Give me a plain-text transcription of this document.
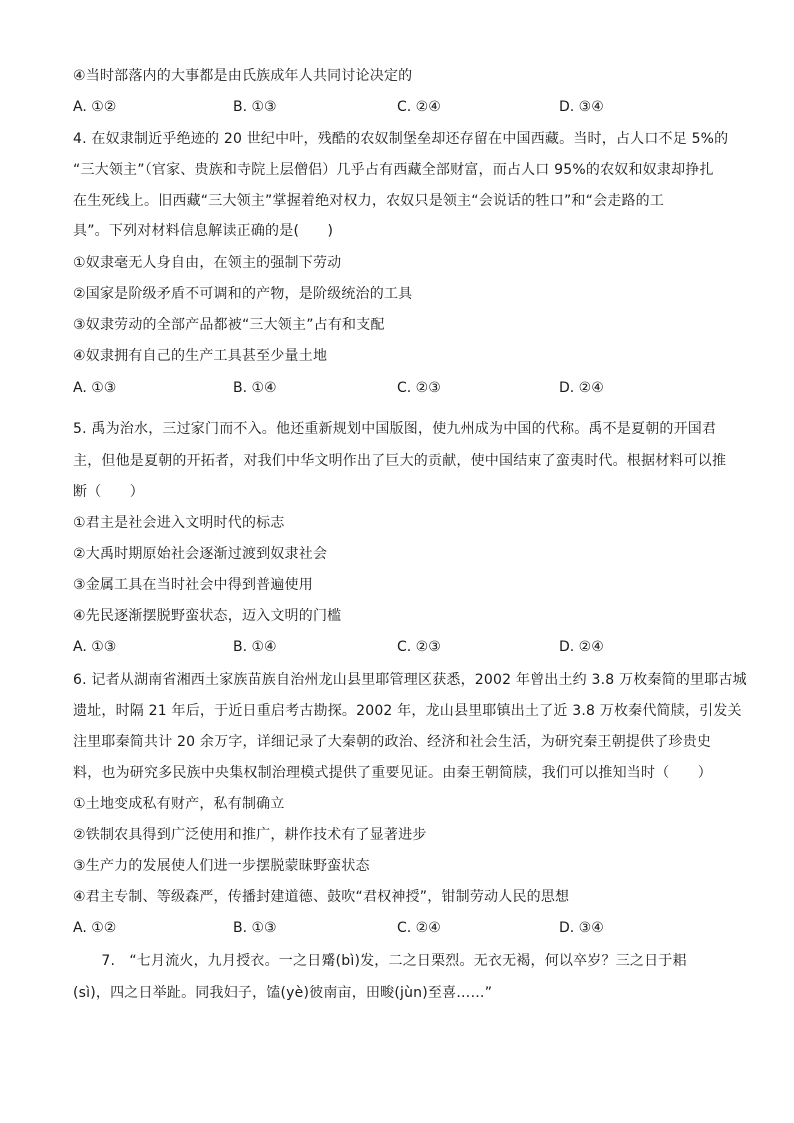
④当时部落内的大事都是由氏族成年人共同讨论决定的
A. ①②	B. ①③	C. ②④	D. ③④
4. 在奴隶制近乎绝迹的 20 世纪中叶，残酷的农奴制堡垒却还存留在中国西藏。当时，占人口不足 5%的
“三大领主”（官家、贵族和寺院上层僧侣）几乎占有西藏全部财富，而占人口 95%的农奴和奴隶却挣扎
在生死线上。旧西藏“三大领主”掌握着绝对权力，农奴只是领主“会说话的牲口”和“会走路的工
具”。下列对材料信息解读正确的是(　　)
①奴隶毫无人身自由，在领主的强制下劳动
②国家是阶级矛盾不可调和的产物，是阶级统治的工具
③奴隶劳动的全部产品都被“三大领主”占有和支配
④奴隶拥有自己的生产工具甚至少量土地
A. ①③	B. ①④	C. ②③	D. ②④
5. 禹为治水，三过家门而不入。他还重新规划中国版图，使九州成为中国的代称。禹不是夏朝的开国君
主，但他是夏朝的开拓者，对我们中华文明作出了巨大的贡献，使中国结束了蛮夷时代。根据材料可以推
断（　　）
①君主是社会进入文明时代的标志
②大禹时期原始社会逐渐过渡到奴隶社会
③金属工具在当时社会中得到普遍使用
④先民逐渐摆脱野蛮状态，迈入文明的门槛
A. ①③	B. ①④	C. ②③	D. ②④
6. 记者从湖南省湘西土家族苗族自治州龙山县里耶管理区获悉，2002 年曾出土约 3.8 万枚秦简的里耶古城
遗址，时隔 21 年后，于近日重启考古勘探。2002 年，龙山县里耶镇出土了近 3.8 万枚秦代简牍，引发关
注里耶秦简共计 20 余万字，详细记录了大秦朝的政治、经济和社会生活，为研究秦王朝提供了珍贵史
料，也为研究多民族中央集权制治理模式提供了重要见证。由秦王朝简牍，我们可以推知当时（　　）
①土地变成私有财产，私有制确立
②铁制农具得到广泛使用和推广，耕作技术有了显著进步
③生产力的发展使人们进一步摆脱蒙昧野蛮状态
④君主专制、等级森严，传播封建道德、鼓吹“君权神授”，钳制劳动人民的思想
A. ①②	B. ①③	C. ②④	D. ③④
　　7.　“七月流火，九月授衣。一之日觱(bì)发，二之日栗烈。无衣无褐，何以卒岁？三之日于耜
(sì)，四之日举趾。同我妇子，馌(yè)彼南亩，田畯(jùn)至喜……”
